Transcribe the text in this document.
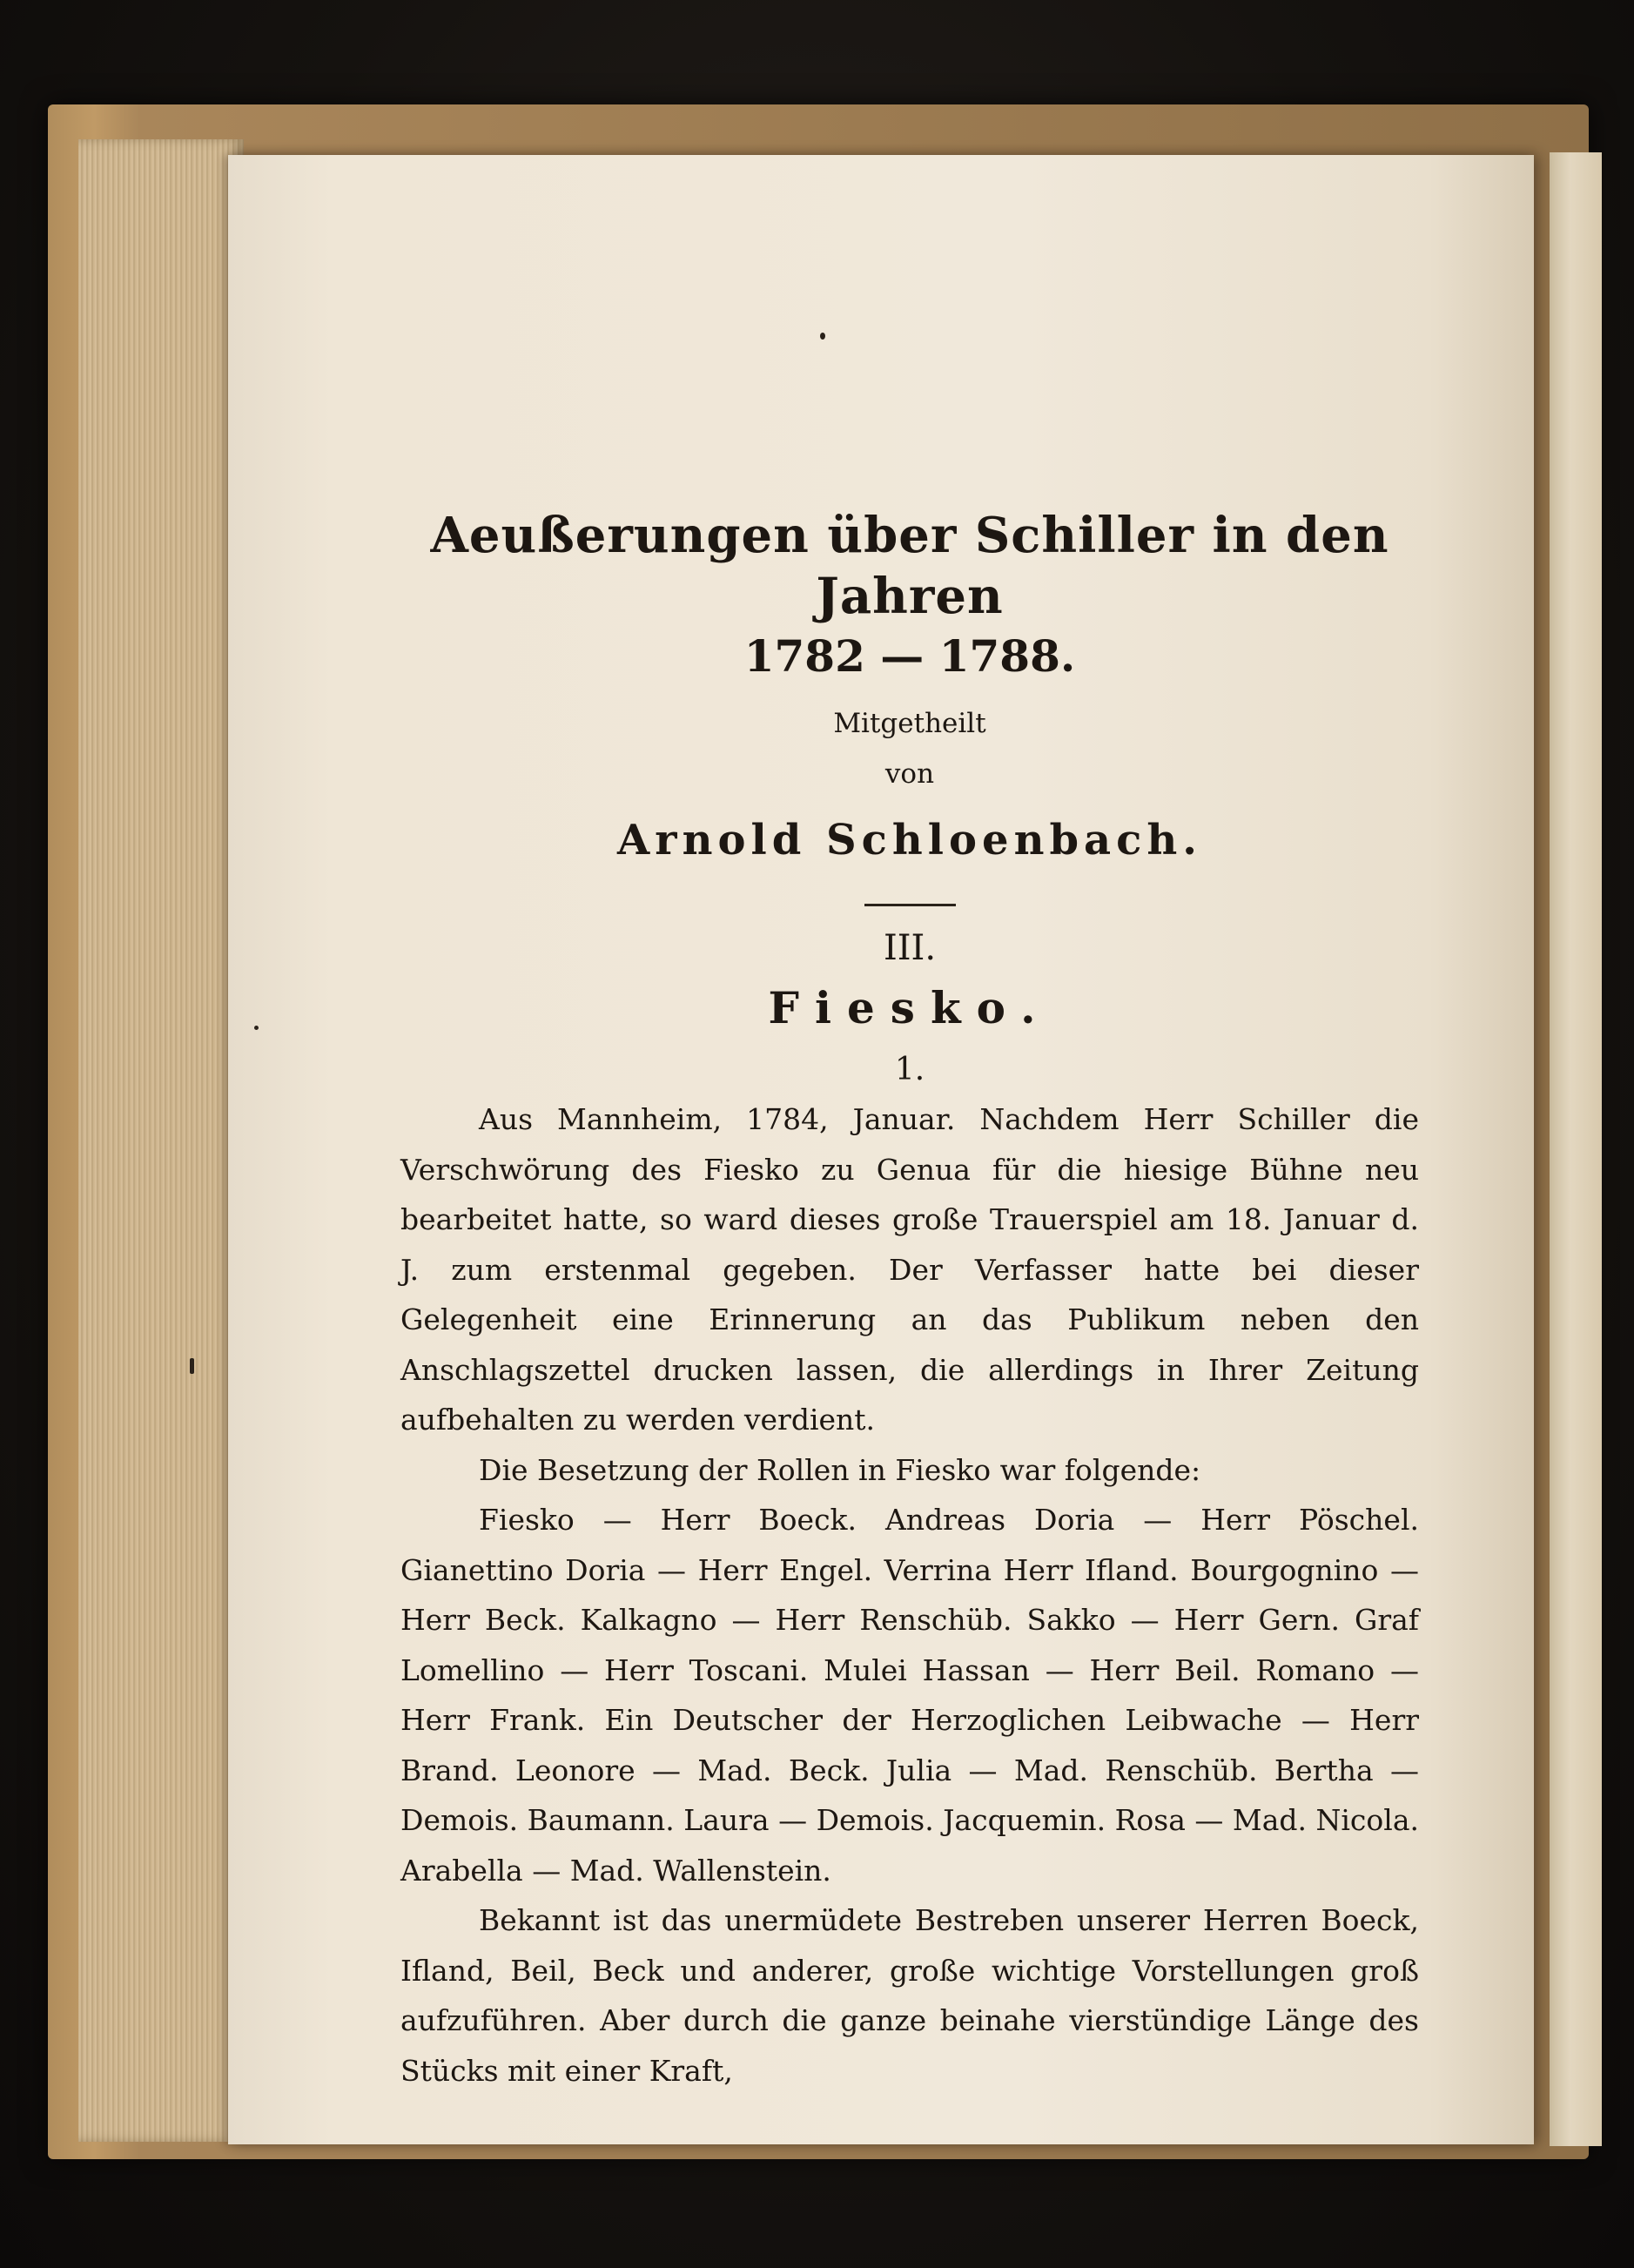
Aeußerungen über Schiller in den Jahren
1782 — 1788.
Mitgetheilt
von
Arnold Schloenbach.
III.
Fiesko.
1.

Aus Mannheim, 1784, Januar. Nachdem Herr Schiller die Verschwörung des Fiesko zu Genua für die hiesige Bühne neu bearbeitet hatte, so ward dieses große Trauerspiel am 18. Januar d. J. zum erstenmal gegeben. Der Verfasser hatte bei dieser Gelegenheit eine Erinnerung an das Publikum neben den Anschlagszettel drucken lassen, die allerdings in Ihrer Zeitung aufbehalten zu werden verdient.

Die Besetzung der Rollen in Fiesko war folgende:

Fiesko — Herr Boeck. Andreas Doria — Herr Pöschel. Gianettino Doria — Herr Engel. Verrina Herr Ifland. Bourgognino — Herr Beck. Kalkagno — Herr Renschüb. Sakko — Herr Gern. Graf Lomellino — Herr Toscani. Mulei Hassan — Herr Beil. Romano — Herr Frank. Ein Deutscher der Herzoglichen Leibwache — Herr Brand. Leonore — Mad. Beck. Julia — Mad. Renschüb. Bertha — Demois. Baumann. Laura — Demois. Jacquemin. Rosa — Mad. Nicola. Arabella — Mad. Wallenstein.

Bekannt ist das unermüdete Bestreben unserer Herren Boeck, Ifland, Beil, Beck und anderer, große wichtige Vorstellungen groß aufzuführen. Aber durch die ganze beinahe vierstündige Länge des Stücks mit einer Kraft,
